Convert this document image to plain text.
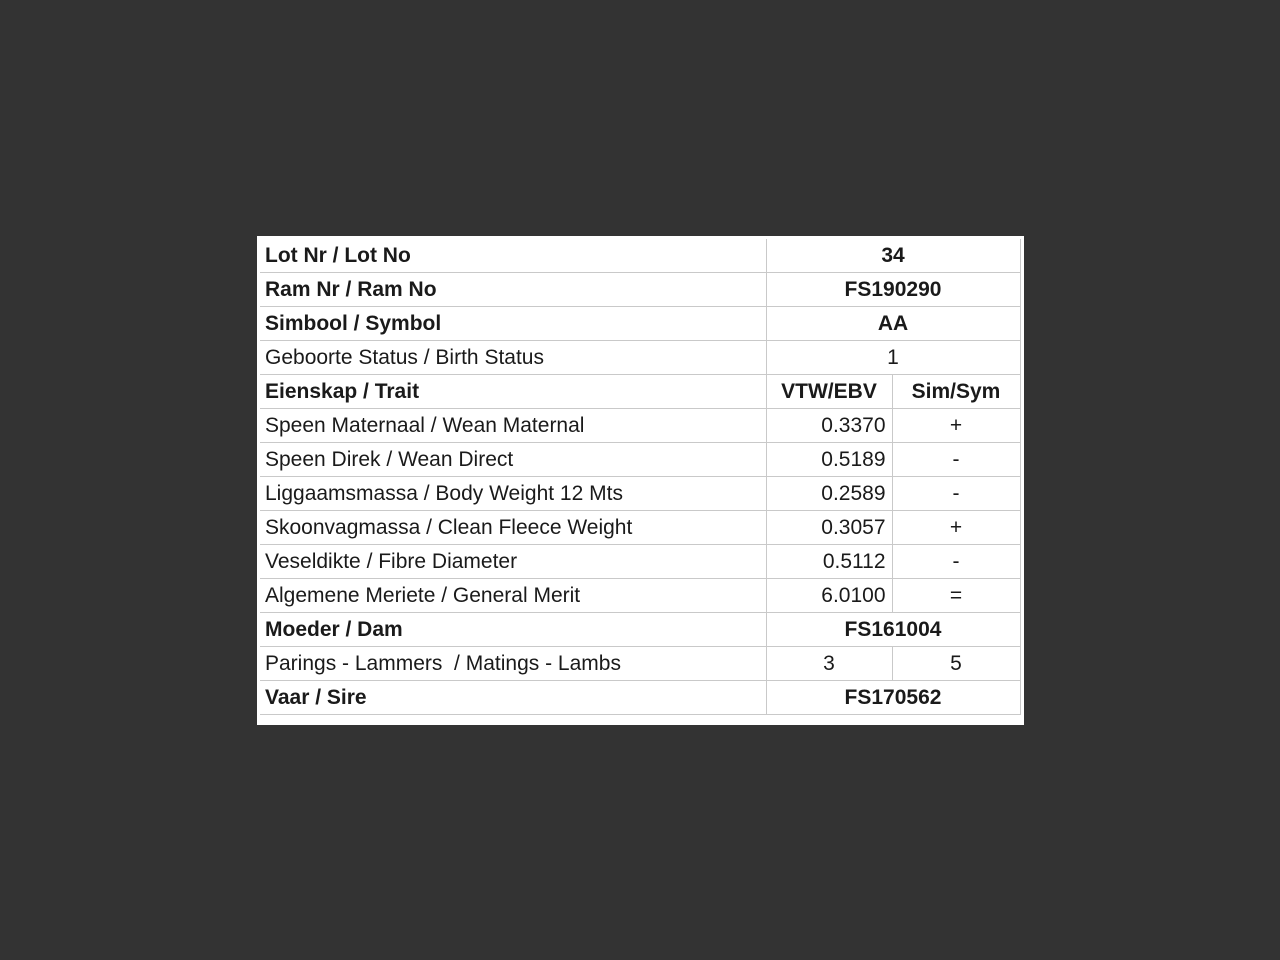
Lot Nr / Lot No	34	
Ram Nr / Ram No	FS190290	
Simbool / Symbol	AA	
Geboorte Status / Birth Status	1	
Eienskap / Trait	VTW/EBV	Sim/Sym
Speen Maternaal / Wean Maternal	0.3370	+
Speen Direk / Wean Direct	0.5189	-
Liggaamsmassa / Body Weight 12 Mts	0.2589	-
Skoonvagmassa / Clean Fleece Weight	0.3057	+
Veseldikte / Fibre Diameter	0.5112	-
Algemene Meriete / General Merit	6.0100	=
Moeder / Dam	FS161004	
Parings - Lammers  / Matings - Lambs	3	5
Vaar / Sire	FS170562	
